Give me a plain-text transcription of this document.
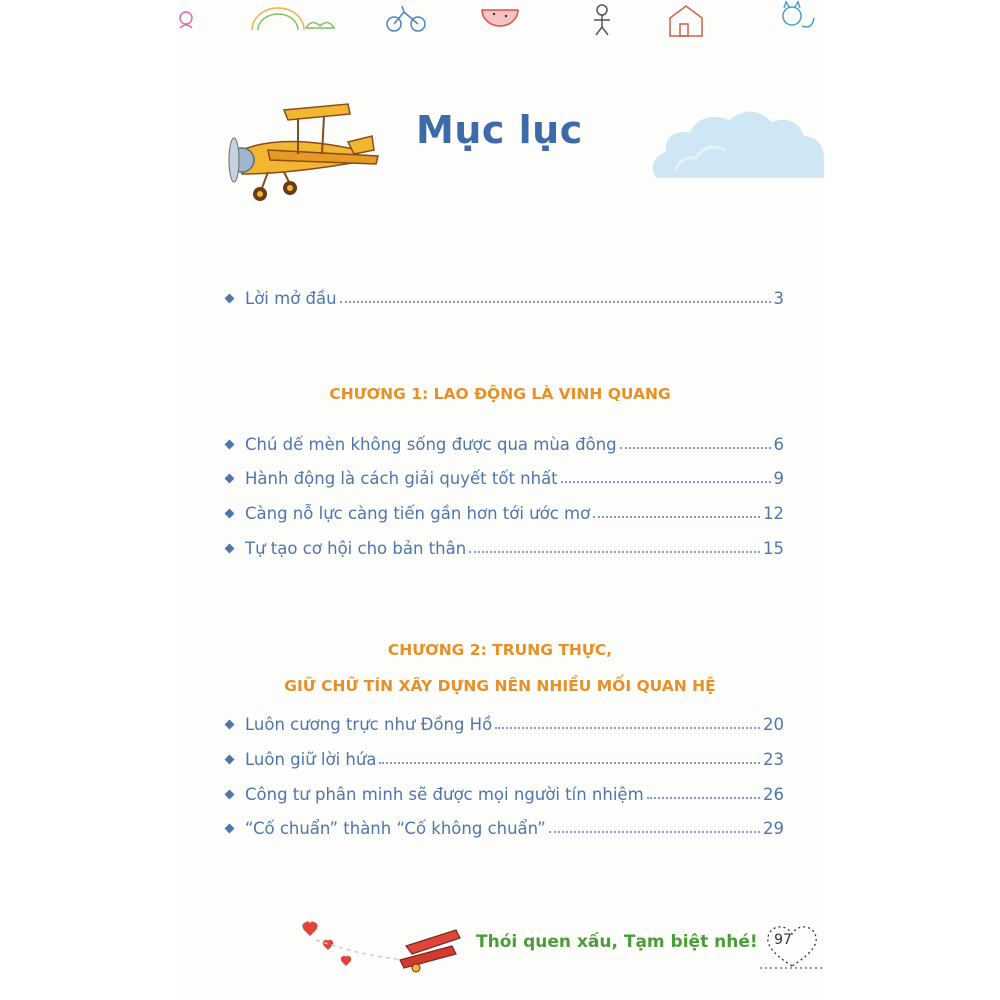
Mục lục
Lời mở đầu	3
CHƯƠNG 1: LAO ĐỘNG LÀ VINH QUANG
Chú dế mèn không sống được qua mùa đông	6
Hành động là cách giải quyết tốt nhất	9
Càng nỗ lực càng tiến gần hơn tới ước mơ	12
Tự tạo cơ hội cho bản thân	15
CHƯƠNG 2: TRUNG THỰC,
GIỮ CHỮ TÍN XÂY DỰNG NÊN NHIỀU MỐI QUAN HỆ
Luôn cương trực như Đồng Hồ	20
Luôn giữ lời hứa	23
Công tư phân minh sẽ được mọi người tín nhiệm	26
“Cố chuẩn” thành “Cố không chuẩn”	29
Thói quen xấu, Tạm biệt nhé!	97
